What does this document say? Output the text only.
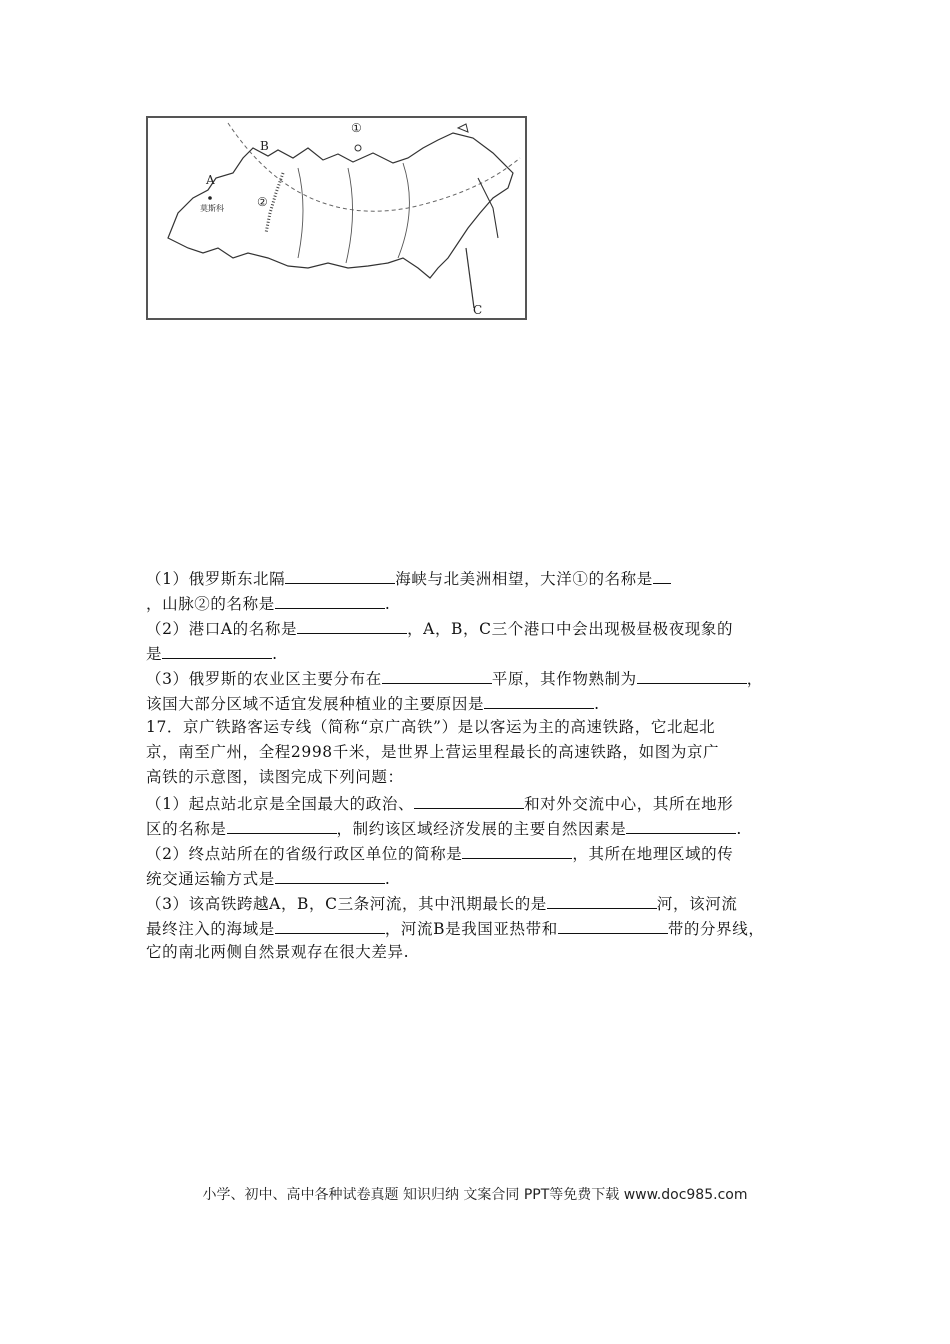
B
A
C
①
②
莫斯科
（1）俄罗斯东北隔	海峡与北美洲相望，大洋①的名称是
，山脉②的名称是	.
（2）港口A的名称是	，A，B，C三个港口中会出现极昼极夜现象的
是	.
（3）俄罗斯的农业区主要分布在	平原，其作物熟制为	，
该国大部分区域不适宜发展种植业的主要原因是	.
17．京广铁路客运专线（简称“京广高铁”）是以客运为主的高速铁路，它北起北
京，南至广州，全程2998千米，是世界上营运里程最长的高速铁路，如图为京广
高铁的示意图，读图完成下列问题：
（1）起点站北京是全国最大的政治、	和对外交流中心，其所在地形
区的名称是	，制约该区域经济发展的主要自然因素是	.
（2）终点站所在的省级行政区单位的简称是	，其所在地理区域的传
统交通运输方式是	.
（3）该高铁跨越A，B，C三条河流，其中汛期最长的是	河，该河流
最终注入的海域是	，河流B是我国亚热带和	带的分界线，
它的南北两侧自然景观存在很大差异.
小学、初中、高中各种试卷真题 知识归纳 文案合同 PPT等免费下载 www.doc985.com
